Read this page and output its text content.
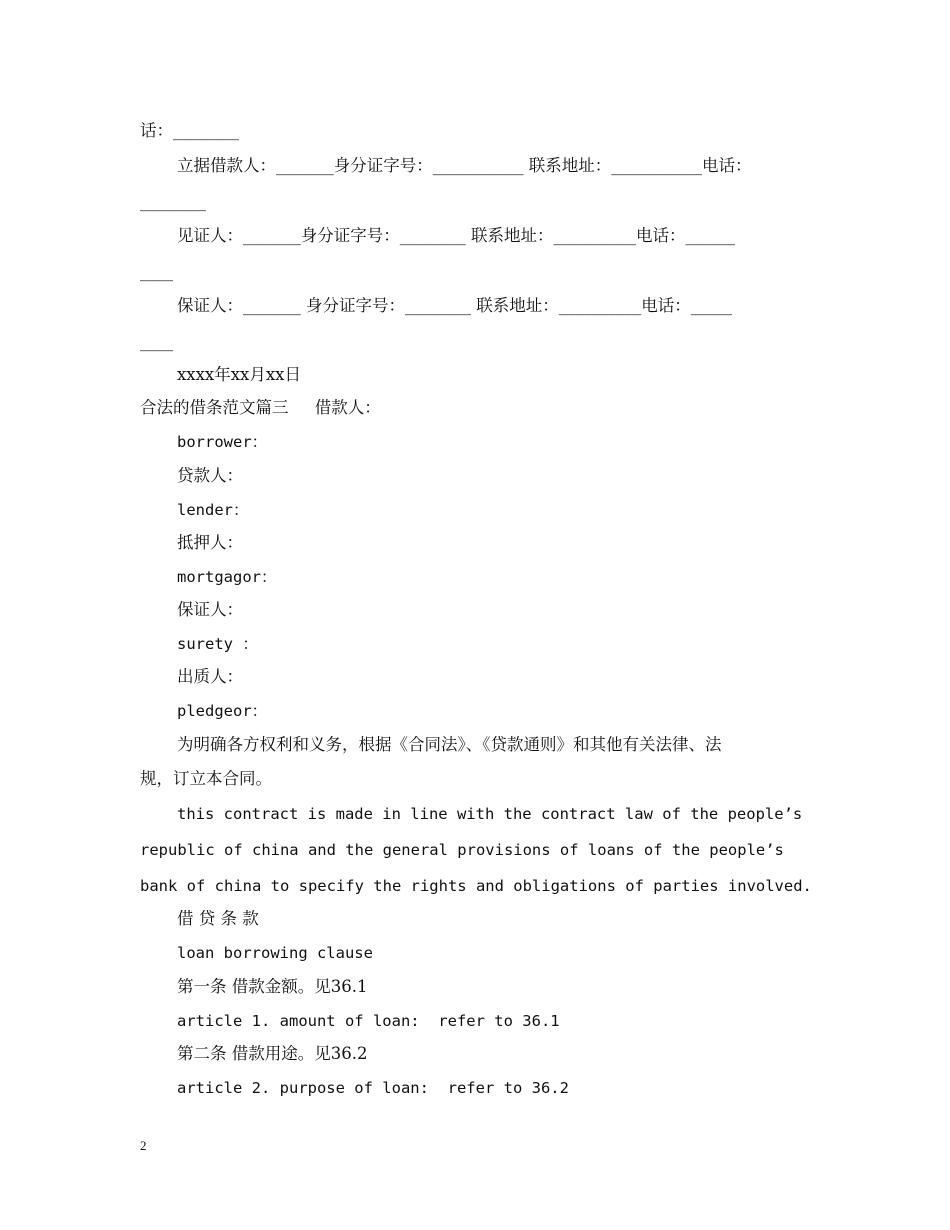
话：________
立据借款人：_______身分证字号：___________ 联系地址：___________电话：
________
见证人：_______身分证字号：________ 联系地址：__________电话：______
____
保证人：_______ 身分证字号：________ 联系地址：__________电话：_____
____
xxxx年xx月xx日
合法的借条范文篇三     借款人：
borrower：
贷款人：
lender：
抵押人：
mortgagor：
保证人：
surety ：
出质人：
pledgeor：
为明确各方权利和义务，根据《合同法》、《贷款通则》和其他有关法律、法
规，订立本合同。
this contract is made in line with the contract law of the people’s
republic of china and the general provisions of loans of the people’s
bank of china to specify the rights and obligations of parties involved.
借 贷 条 款
loan borrowing clause
第一条 借款金额。见36.1
article 1. amount of loan:  refer to 36.1
第二条 借款用途。见36.2
article 2. purpose of loan:  refer to 36.2
2
